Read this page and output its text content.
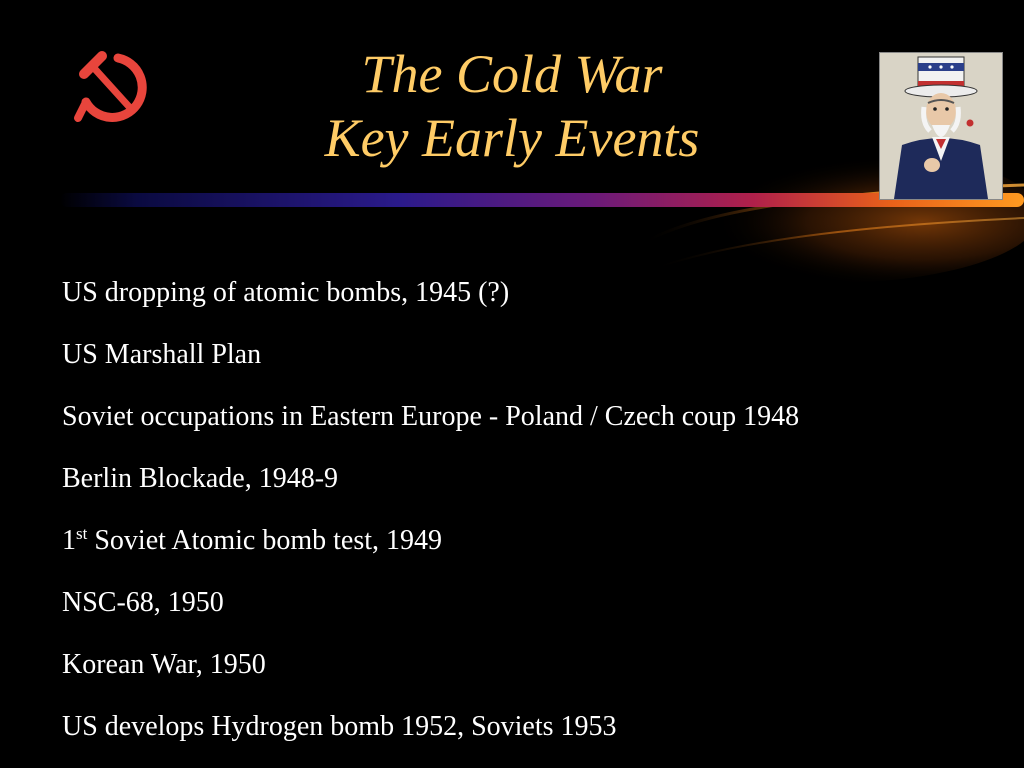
The Cold War
Key Early Events
US dropping of atomic bombs, 1945 (?)
US Marshall Plan
Soviet occupations in Eastern Europe - Poland / Czech coup 1948
Berlin Blockade, 1948-9
1st Soviet Atomic bomb test, 1949
NSC-68, 1950
Korean War, 1950
US develops Hydrogen bomb 1952, Soviets 1953
